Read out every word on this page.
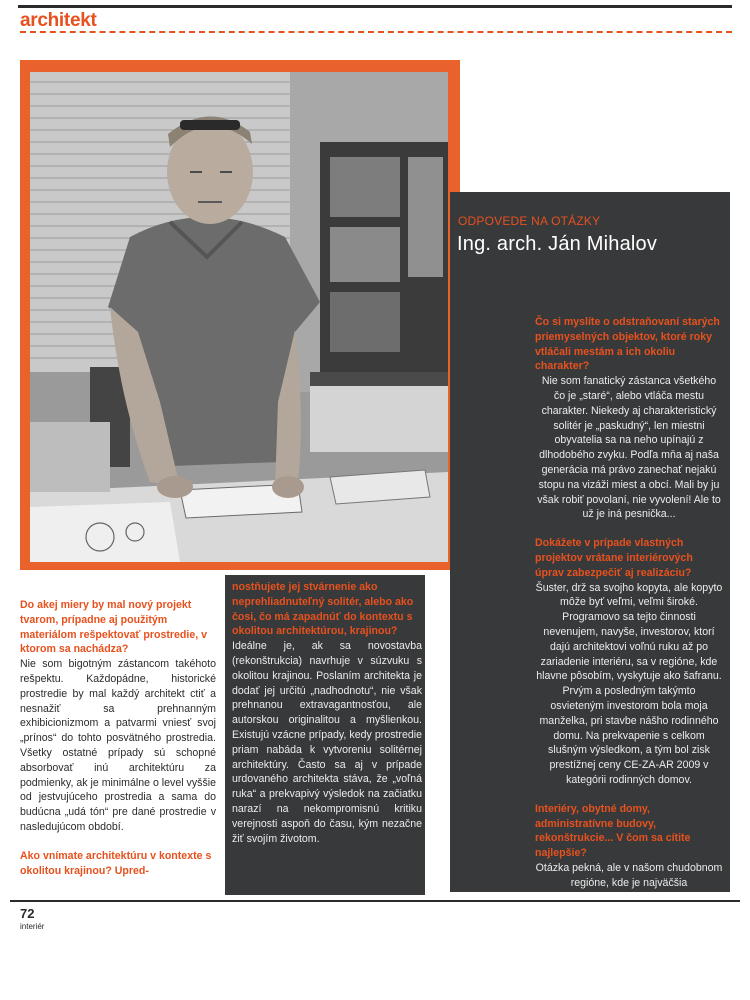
architekt
ODPOVEDE NA OTÁZKY
Ing. arch. Ján Mihalov

Čo si myslíte o odstraňovaní starých priemyselných objektov, ktoré roky vtláčali mestám a ich okoliu charakter?

Nie som fanatický zástanca všetkého čo je „staré“, alebo vtláča mestu charakter. Niekedy aj charakteristický solitér je „paskudný“, len miestni obyvatelia sa na neho upínajú z dlhodobého zvyku. Podľa mňa aj naša generácia má právo zanechať nejakú stopu na vizáži miest a obcí. Mali by ju však robiť povolaní, nie vyvolení! Ale to už je iná pesnička...

Dokážete v prípade vlastných projektov vrátane interiérových úprav zabezpečiť aj realizáciu?

Šuster, drž sa svojho kopyta, ale kopyto môže byť veľmi, veľmi široké. Programovo sa tejto činnosti nevenujem, navyše, investorov, ktorí dajú architektovi voľnú ruku až po zariadenie interiéru, sa v regióne, kde hlavne pôsobím, vyskytuje ako šafranu. Prvým a posledným takýmto osvieteným investorom bola moja manželka, pri stavbe nášho rodinného domu. Na prekvapenie s celkom slušným výsledkom, a tým bol zisk prestížnej ceny CE-ZA-AR 2009 v kategórii rodinných domov.

Interiéry, obytné domy, administratívne budovy, rekonštrukcie... V čom sa cítite najlepšie?

Otázka pekná, ale v našom chudobnom regióne, kde je najväčšia

Do akej miery by mal nový projekt tvarom, prípadne aj použitým materiálom rešpektovať prostredie, v ktorom sa nachádza?

Nie som bigotným zástancom takéhoto rešpektu. Každopádne, historické prostredie by mal každý architekt ctiť a nesnažiť sa prehnanným exhibicionizmom a patvarmi vniesť svoj „prínos“ do tohto posvätného prostredia. Všetky ostatné prípady sú schopné absorbovať inú architektúru za podmienky, ak je minimálne o level vyššie od jestvujúceho prostredia a sama do budúcna „udá tón“ pre dané prostredie v nasledujúcom období.

Ako vnímate architektúru v kontexte s okolitou krajinou? Upred-

nostňujete jej stvárnenie ako neprehliadnuteľný solitér, alebo ako čosi, čo má zapadnúť do kontextu s okolitou architektúrou, krajinou?

Ideálne je, ak sa novostavba (rekonštrukcia) navrhuje v súzvuku s okolitou krajinou. Poslaním architekta je dodať jej určitú „nadhodnotu“, nie však prehnanou extravagantnosťou, ale autorskou originalitou a myšlienkou. Existujú vzácne prípady, kedy prostredie priam nabáda k vytvoreniu solitérnej architektúry. Často sa aj v prípade urdovaného architekta stáva, že „voľná ruka“ a prekvapivý výsledok na začiatku narazí na nekompromisnú kritiku verejnosti aspoň do času, kým nezačne žiť svojím životom.

72
interiér
